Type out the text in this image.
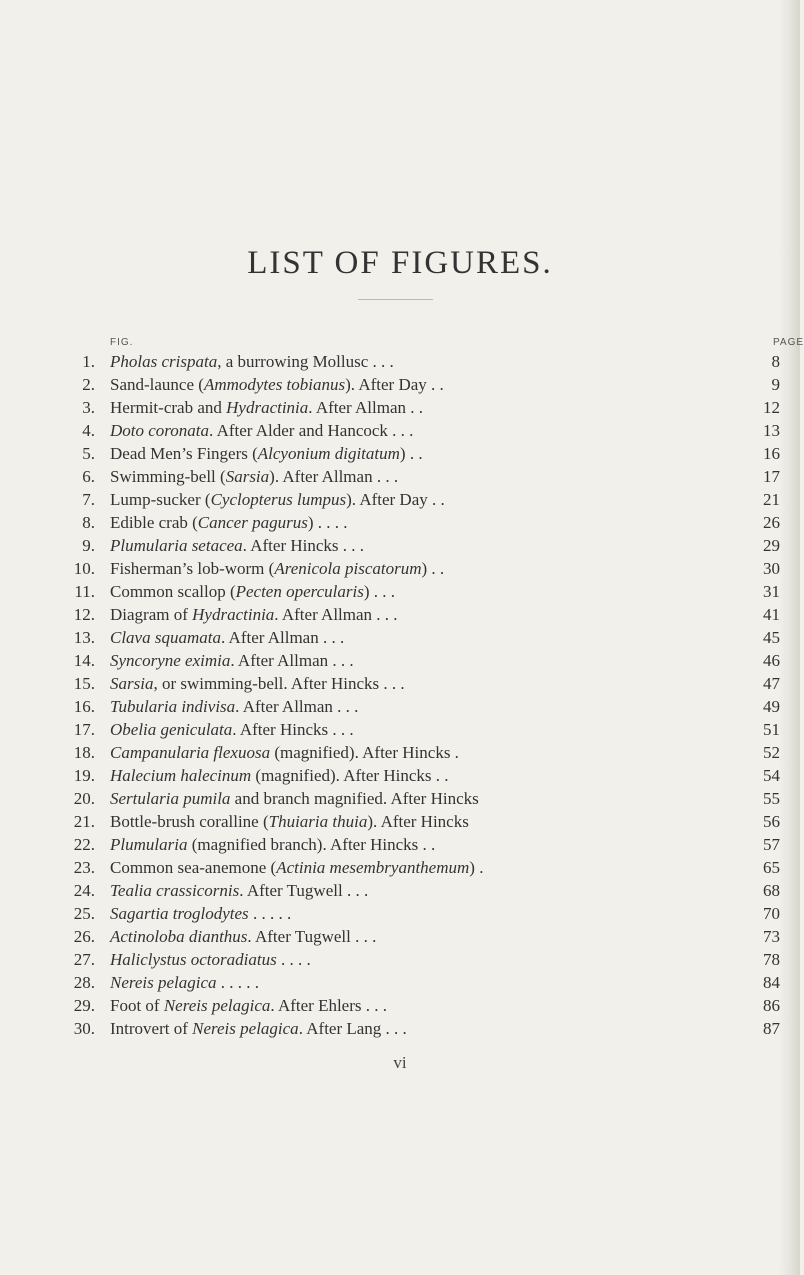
LIST OF FIGURES.
FIG.	PAGE
1. Pholas crispata, a burrowing Mollusc . . .	8
2. Sand-launce (Ammodytes tobianus). After Day . .	9
3. Hermit-crab and Hydractinia. After Allman . .	12
4. Doto coronata. After Alder and Hancock . . .	13
5. Dead Men’s Fingers (Alcyonium digitatum) . .	16
6. Swimming-bell (Sarsia). After Allman . . .	17
7. Lump-sucker (Cyclopterus lumpus). After Day . .	21
8. Edible crab (Cancer pagurus) . . . .	26
9. Plumularia setacea. After Hincks . . .	29
10. Fisherman’s lob-worm (Arenicola piscatorum) . .	30
11. Common scallop (Pecten opercularis) . . .	31
12. Diagram of Hydractinia. After Allman . . .	41
13. Clava squamata. After Allman . . .	45
14. Syncoryne eximia. After Allman . . .	46
15. Sarsia, or swimming-bell. After Hincks . . .	47
16. Tubularia indivisa. After Allman . . .	49
17. Obelia geniculata. After Hincks . . .	51
18. Campanularia flexuosa (magnified). After Hincks .	52
19. Halecium halecinum (magnified). After Hincks . .	54
20. Sertularia pumila and branch magnified. After Hincks	55
21. Bottle-brush coralline (Thuiaria thuia). After Hincks	56
22. Plumularia (magnified branch). After Hincks . .	57
23. Common sea-anemone (Actinia mesembryanthemum) .	65
24. Tealia crassicornis. After Tugwell . . .	68
25. Sagartia troglodytes . . . . .	70
26. Actinoloba dianthus. After Tugwell . . .	73
27. Haliclystus octoradiatus . . . .	78
28. Nereis pelagica . . . . .	84
29. Foot of Nereis pelagica. After Ehlers . . .	86
30. Introvert of Nereis pelagica. After Lang . . .	87
vi
